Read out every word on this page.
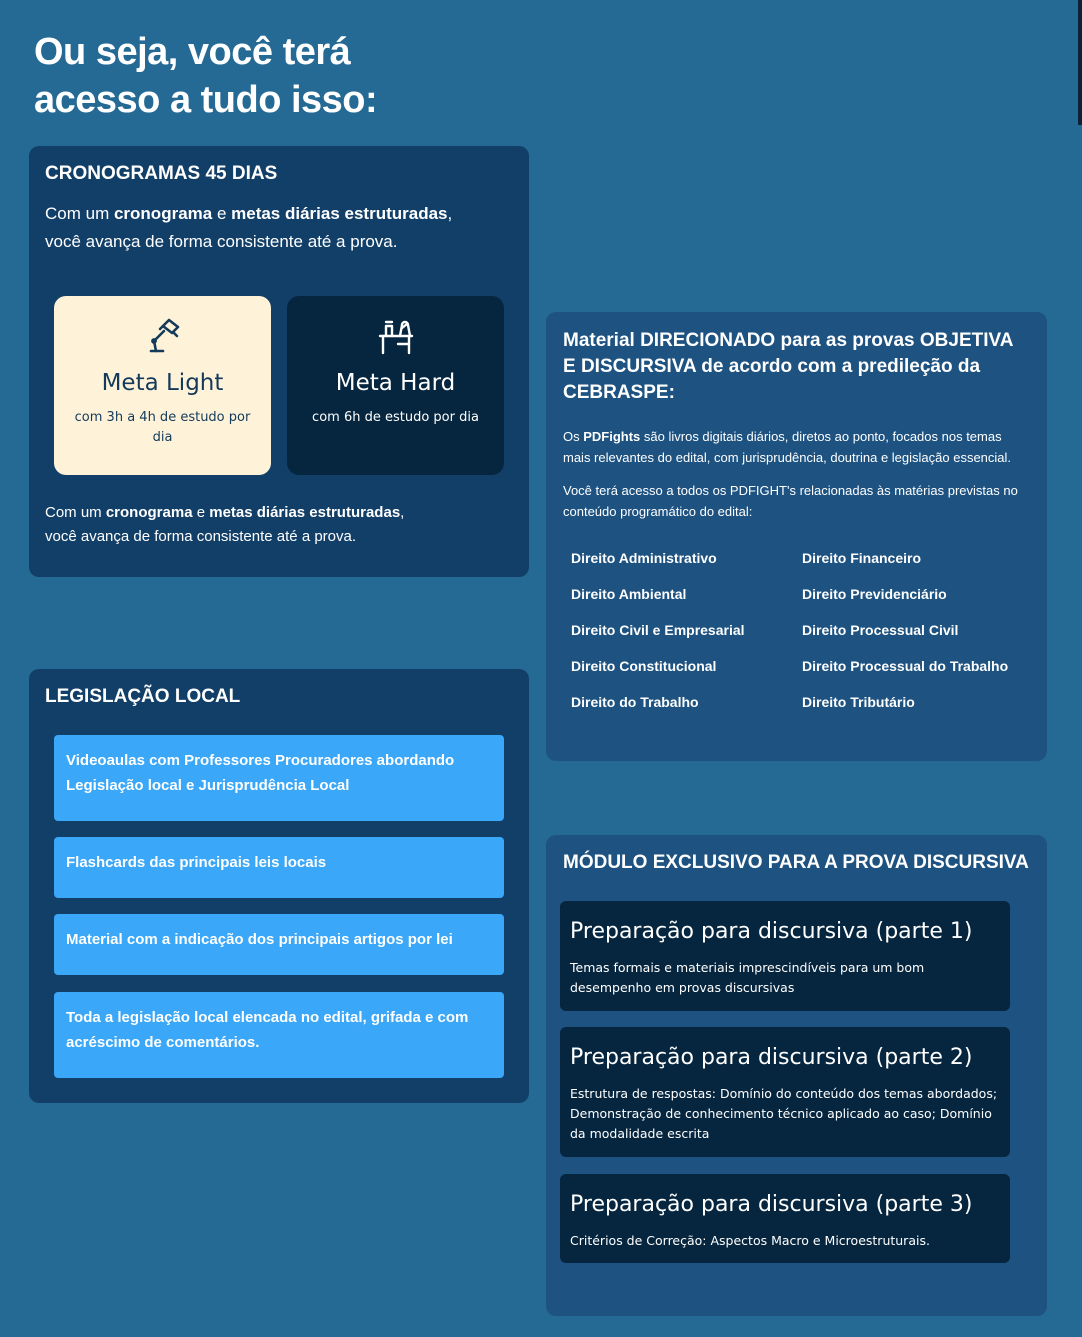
Ou seja, você terá
acesso a tudo isso:
CRONOGRAMAS 45 DIAS

Com um cronograma e metas diárias estruturadas,
você avança de forma consistente até a prova.

Meta Light
com 3h a 4h de estudo por dia
Meta Hard
com 6h de estudo por dia

Com um cronograma e metas diárias estruturadas,
você avança de forma consistente até a prova.

LEGISLAÇÃO LOCAL
Videoaulas com Professores Procuradores abordando Legislação local e Jurisprudência Local
Flashcards das principais leis locais
Material com a indicação dos principais artigos por lei
Toda a legislação local elencada no edital, grifada e com acréscimo de comentários.
Material DIRECIONADO para as provas OBJETIVA E DISCURSIVA de acordo com a predileção da CEBRASPE:

Os PDFights são livros digitais diários, diretos ao ponto, focados nos temas mais relevantes do edital, com jurisprudência, doutrina e legislação essencial.

Você terá acesso a todos os PDFIGHT's relacionadas às matérias previstas no conteúdo programático do edital:

Direito Administrativo	Direito Financeiro
Direito Ambiental	Direito Previdenciário
Direito Civil e Empresarial	Direito Processual Civil
Direito Constitucional	Direito Processual do Trabalho
Direito do Trabalho	Direito Tributário
MÓDULO EXCLUSIVO PARA A PROVA DISCURSIVA
Preparação para discursiva (parte 1)
Temas formais e materiais imprescindíveis para um bom desempenho em provas discursivas
Preparação para discursiva (parte 2)
Estrutura de respostas: Domínio do conteúdo dos temas abordados; Demonstração de conhecimento técnico aplicado ao caso; Domínio da modalidade escrita
Preparação para discursiva (parte 3)
Critérios de Correção: Aspectos Macro e Microestruturais.
